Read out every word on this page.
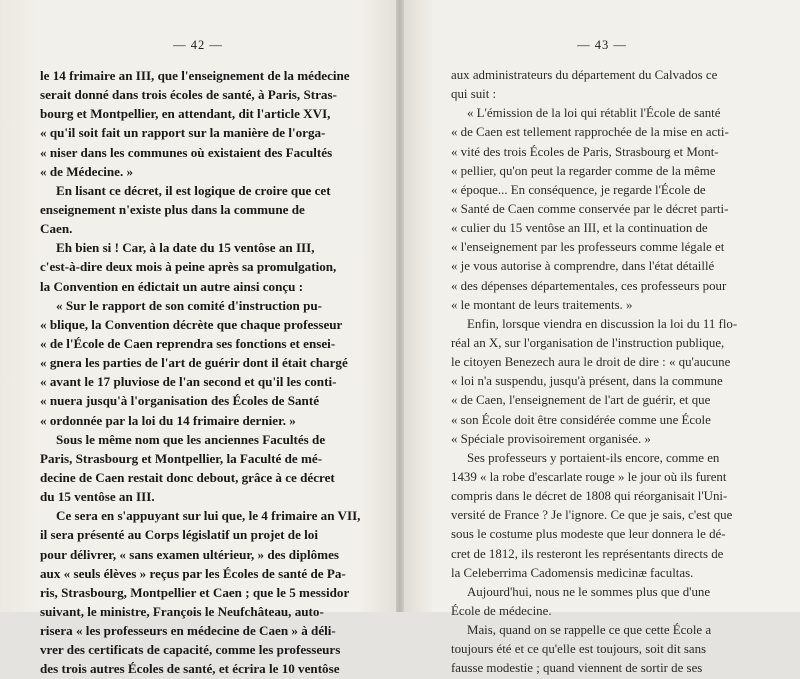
— 42 —
le 14 frimaire an III, que l'enseignement de la médecine
serait donné dans trois écoles de santé, à Paris, Stras-
bourg et Montpellier, en attendant, dit l'article XVI,
« qu'il soit fait un rapport sur la manière de l'orga-
« niser dans les communes où existaient des Facultés
« de Médecine. »
En lisant ce décret, il est logique de croire que cet
enseignement n'existe plus dans la commune de
Caen.
Eh bien si ! Car, à la date du 15 ventôse an III,
c'est-à-dire deux mois à peine après sa promulgation,
la Convention en édictait un autre ainsi conçu :
« Sur le rapport de son comité d'instruction pu-
« blique, la Convention décrète que chaque professeur
« de l'École de Caen reprendra ses fonctions et ensei-
« gnera les parties de l'art de guérir dont il était chargé
« avant le 17 pluviose de l'an second et qu'il les conti-
« nuera jusqu'à l'organisation des Écoles de Santé
« ordonnée par la loi du 14 frimaire dernier. »
Sous le même nom que les anciennes Facultés de
Paris, Strasbourg et Montpellier, la Faculté de mé-
decine de Caen restait donc debout, grâce à ce décret
du 15 ventôse an III.
Ce sera en s'appuyant sur lui que, le 4 frimaire an VII,
il sera présenté au Corps législatif un projet de loi
pour délivrer, « sans examen ultérieur, » des diplômes
aux « seuls élèves » reçus par les Écoles de santé de Pa-
ris, Strasbourg, Montpellier et Caen ; que le 5 messidor
suivant, le ministre, François le Neufchâteau, auto-
risera « les professeurs en médecine de Caen » à déli-
vrer des certificats de capacité, comme les professeurs
des trois autres Écoles de santé, et écrira le 10 ventôse
— 43 —
aux administrateurs du département du Calvados ce
qui suit :
« L'émission de la loi qui rétablit l'École de santé
« de Caen est tellement rapprochée de la mise en acti-
« vité des trois Écoles de Paris, Strasbourg et Mont-
« pellier, qu'on peut la regarder comme de la même
« époque... En conséquence, je regarde l'École de
« Santé de Caen comme conservée par le décret parti-
« culier du 15 ventôse an III, et la continuation de
« l'enseignement par les professeurs comme légale et
« je vous autorise à comprendre, dans l'état détaillé
« des dépenses départementales, ces professeurs pour
« le montant de leurs traitements. »
Enfin, lorsque viendra en discussion la loi du 11 flo-
réal an X, sur l'organisation de l'instruction publique,
le citoyen Benezech aura le droit de dire : « qu'aucune
« loi n'a suspendu, jusqu'à présent, dans la commune
« de Caen, l'enseignement de l'art de guérir, et que
« son École doit être considérée comme une École
« Spéciale provisoirement organisée. »
Ses professeurs y portaient-ils encore, comme en
1439 « la robe d'escarlate rouge » le jour où ils furent
compris dans le décret de 1808 qui réorganisait l'Uni-
versité de France ? Je l'ignore. Ce que je sais, c'est que
sous le costume plus modeste que leur donnera le dé-
cret de 1812, ils resteront les représentants directs de
la Celeberrima Cadomensis medicinæ facultas.
Aujourd'hui, nous ne le sommes plus que d'une
École de médecine.
Mais, quand on se rappelle ce que cette École a
toujours été et ce qu'elle est toujours, soit dit sans
fausse modestie ; quand viennent de sortir de ses
